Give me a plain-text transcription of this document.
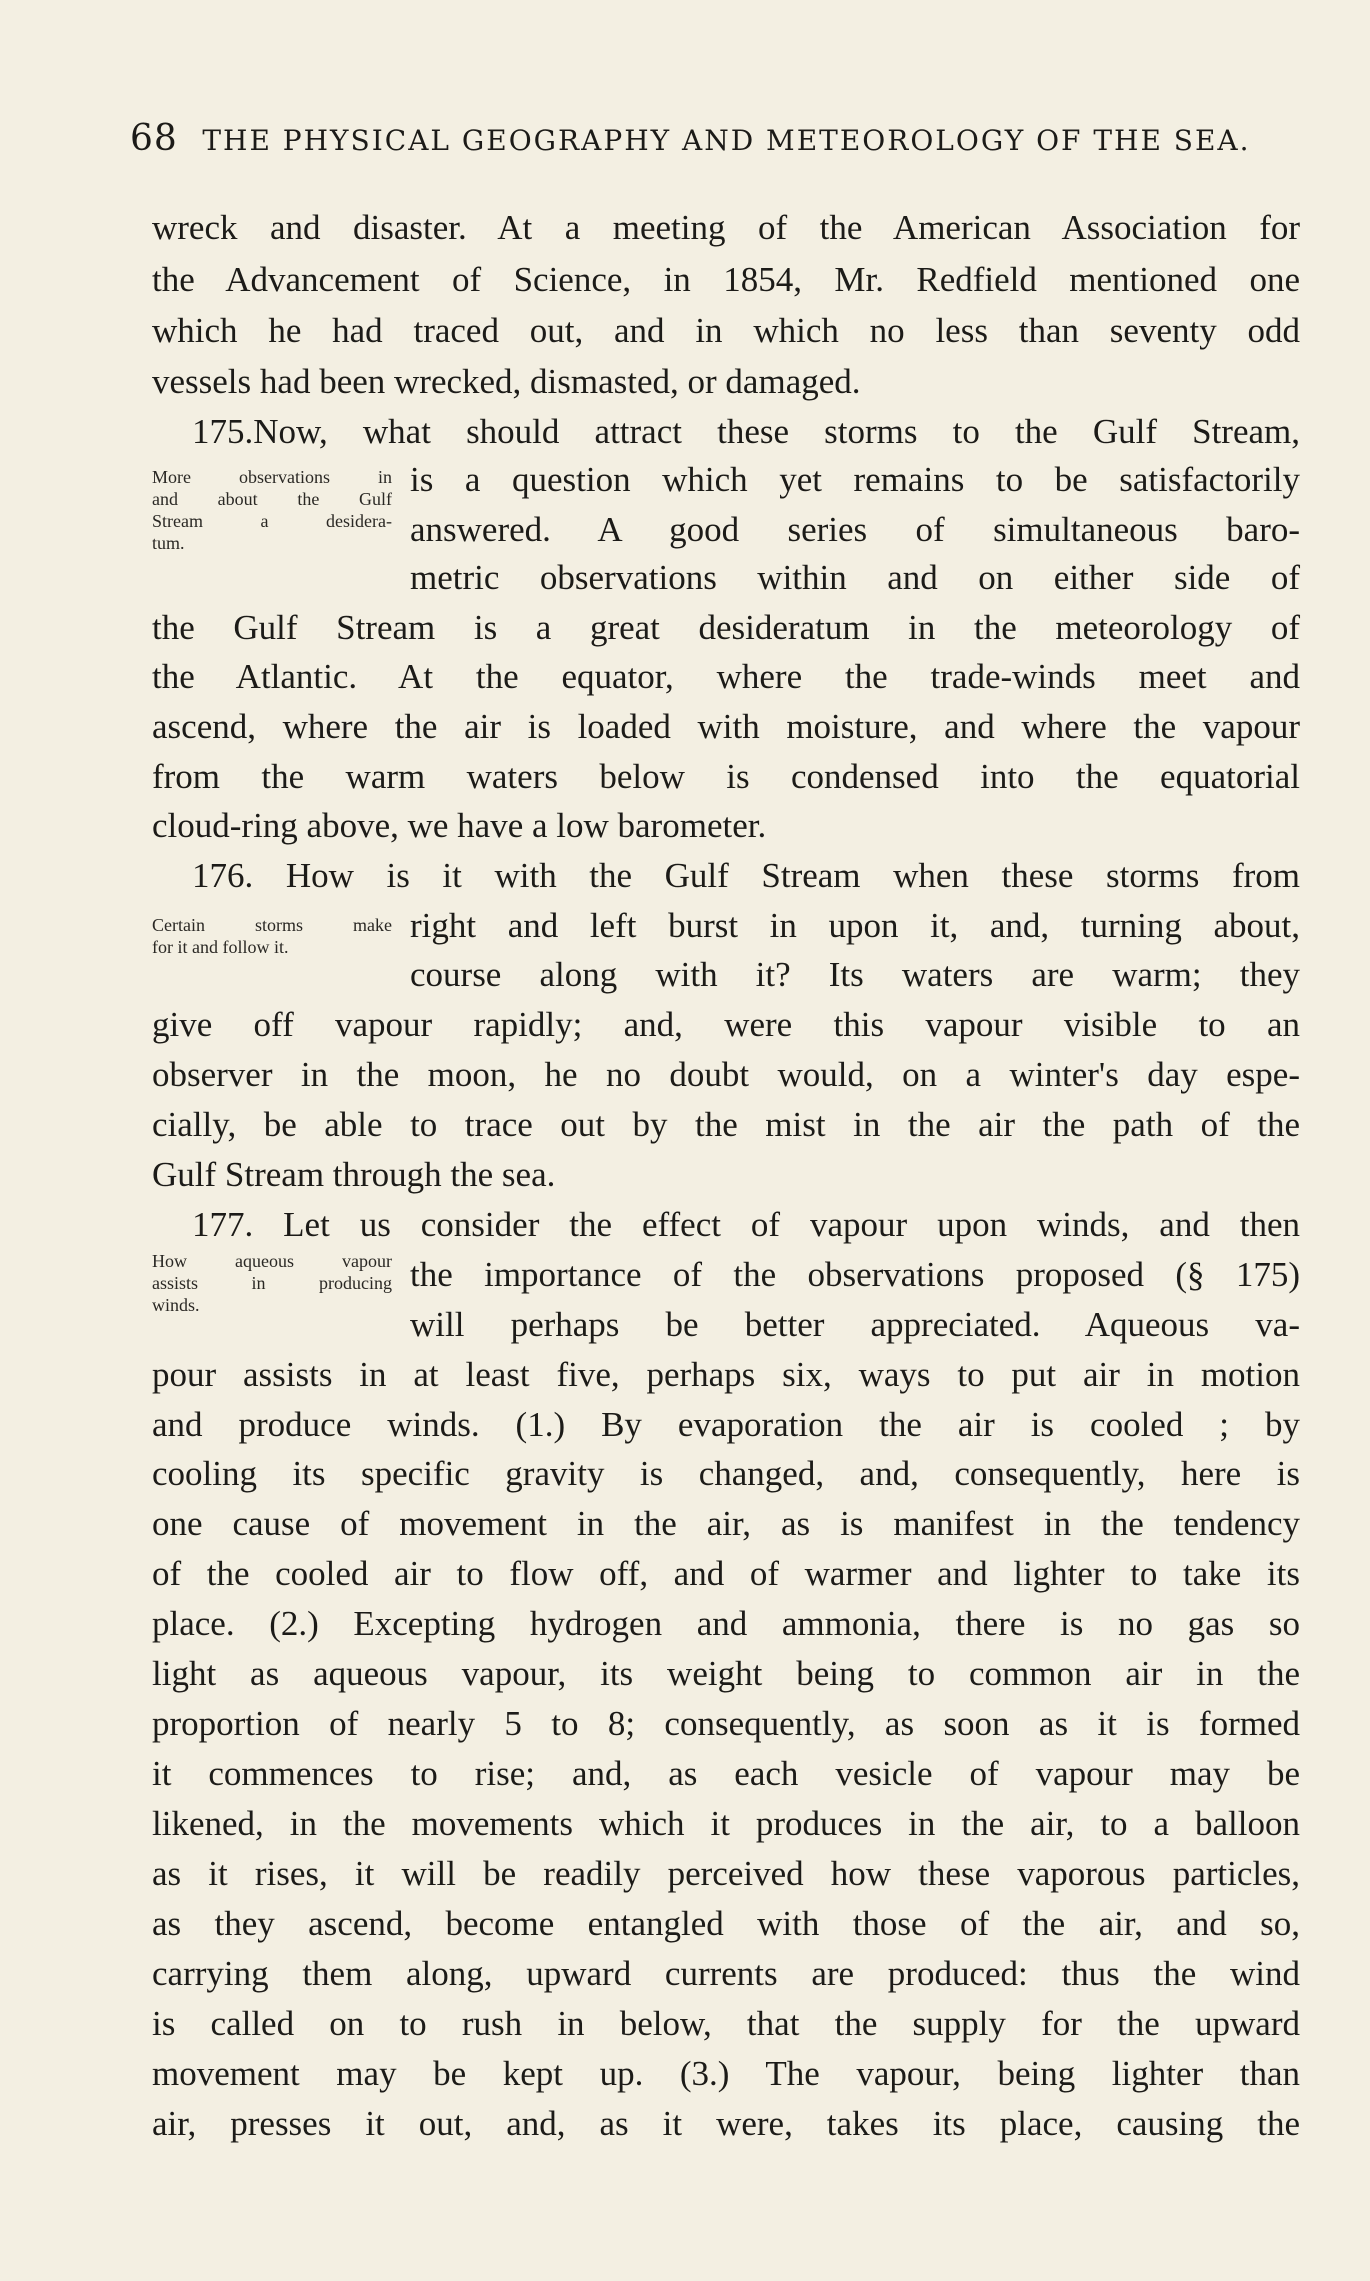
68 THE PHYSICAL GEOGRAPHY AND METEOROLOGY OF THE SEA.
More observations in
and about the Gulf
Stream a desidera-
tum.
Certain storms make
for it and follow it.
How aqueous vapour
assists in producing
winds.
wreck and disaster. At a meeting of the American Association for
the Advancement of Science, in 1854, Mr. Redfield mentioned one
which he had traced out, and in which no less than seventy odd
vessels had been wrecked, dismasted, or damaged.
175.Now, what should attract these storms to the Gulf Stream,
is a question which yet remains to be satisfactorily
answered. A good series of simultaneous baro-
metric observations within and on either side of
the Gulf Stream is a great desideratum in the meteorology of
the Atlantic. At the equator, where the trade-winds meet and
ascend, where the air is loaded with moisture, and where the vapour
from the warm waters below is condensed into the equatorial
cloud-ring above, we have a low barometer.
176. How is it with the Gulf Stream when these storms from
right and left burst in upon it, and, turning about,
course along with it? Its waters are warm; they
give off vapour rapidly; and, were this vapour visible to an
observer in the moon, he no doubt would, on a winter's day espe-
cially, be able to trace out by the mist in the air the path of the
Gulf Stream through the sea.
177. Let us consider the effect of vapour upon winds, and then
the importance of the observations proposed (§ 175)
will perhaps be better appreciated. Aqueous va-
pour assists in at least five, perhaps six, ways to put air in motion
and produce winds. (1.) By evaporation the air is cooled ; by
cooling its specific gravity is changed, and, consequently, here is
one cause of movement in the air, as is manifest in the tendency
of the cooled air to flow off, and of warmer and lighter to take its
place. (2.) Excepting hydrogen and ammonia, there is no gas so
light as aqueous vapour, its weight being to common air in the
proportion of nearly 5 to 8; consequently, as soon as it is formed
it commences to rise; and, as each vesicle of vapour may be
likened, in the movements which it produces in the air, to a balloon
as it rises, it will be readily perceived how these vaporous particles,
as they ascend, become entangled with those of the air, and so,
carrying them along, upward currents are produced: thus the wind
is called on to rush in below, that the supply for the upward
movement may be kept up. (3.) The vapour, being lighter than
air, presses it out, and, as it were, takes its place, causing the
